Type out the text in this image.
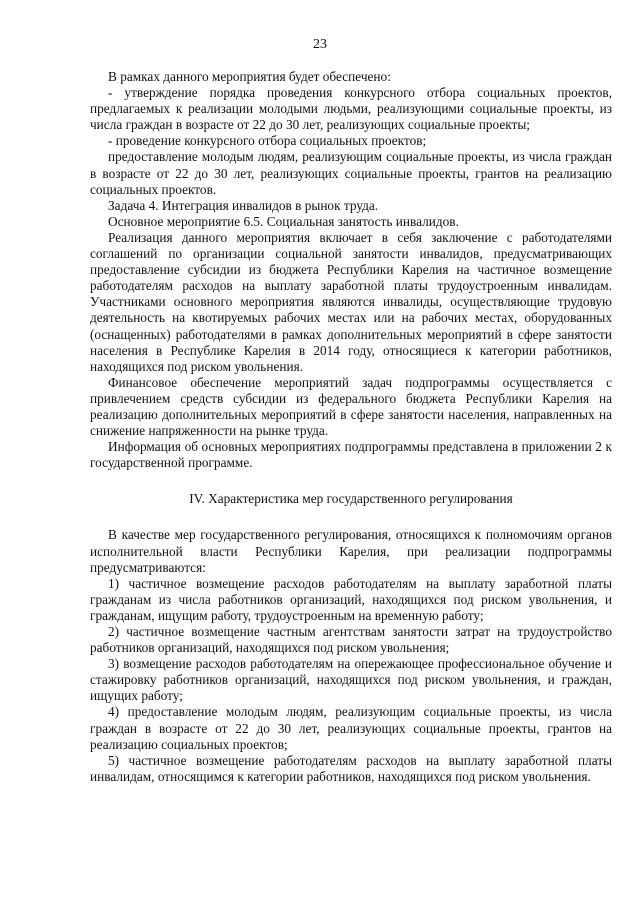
23

В рамках данного мероприятия будет обеспечено:

- утверждение порядка проведения конкурсного отбора социальных проектов, предлагаемых к реализации молодыми людьми, реализующими социальные проекты, из числа граждан в возрасте от 22 до 30 лет, реализующих социальные проекты;

- проведение конкурсного отбора социальных проектов;

предоставление молодым людям, реализующим социальные проекты, из числа граждан в возрасте от 22 до 30 лет, реализующих социальные проекты, грантов на реализацию социальных проектов.

Задача 4. Интеграция инвалидов в рынок труда.

Основное мероприятие 6.5. Социальная занятость инвалидов.

Реализация данного мероприятия включает в себя заключение с работодателями соглашений по организации социальной занятости инвалидов, предусматривающих предоставление субсидии из бюджета Республики Карелия на частичное возмещение работодателям расходов на выплату заработной платы трудоустроенным инвалидам. Участниками основного мероприятия являются инвалиды, осуществляющие трудовую деятельность на квотируемых рабочих местах или на рабочих местах, оборудованных (оснащенных) работодателями в рамках дополнительных мероприятий в сфере занятости населения в Республике Карелия в 2014 году, относящиеся к категории работников, находящихся под риском увольнения.

Финансовое обеспечение мероприятий задач подпрограммы осуществляется с привлечением средств субсидии из федерального бюджета Республики Карелия на реализацию дополнительных мероприятий в сфере занятости населения, направленных на снижение напряженности на рынке труда.

Информация об основных мероприятиях подпрограммы представлена в приложении 2 к государственной программе.

IV. Характеристика мер государственного регулирования

В качестве мер государственного регулирования, относящихся к полномочиям органов исполнительной власти Республики Карелия, при реализации подпрограммы предусматриваются:

1) частичное возмещение расходов работодателям на выплату заработной платы гражданам из числа работников организаций, находящихся под риском увольнения, и гражданам, ищущим работу, трудоустроенным на временную работу;

2) частичное возмещение частным агентствам занятости затрат на трудоустройство работников организаций, находящихся под риском увольнения;

3) возмещение расходов работодателям на опережающее профессиональное обучение и стажировку работников организаций, находящихся под риском увольнения, и граждан, ищущих работу;

4) предоставление молодым людям, реализующим социальные проекты, из числа граждан в возрасте от 22 до 30 лет, реализующих социальные проекты, грантов на реализацию социальных проектов;

5) частичное возмещение работодателям расходов на выплату заработной платы инвалидам, относящимся к категории работников, находящихся под риском увольнения.
